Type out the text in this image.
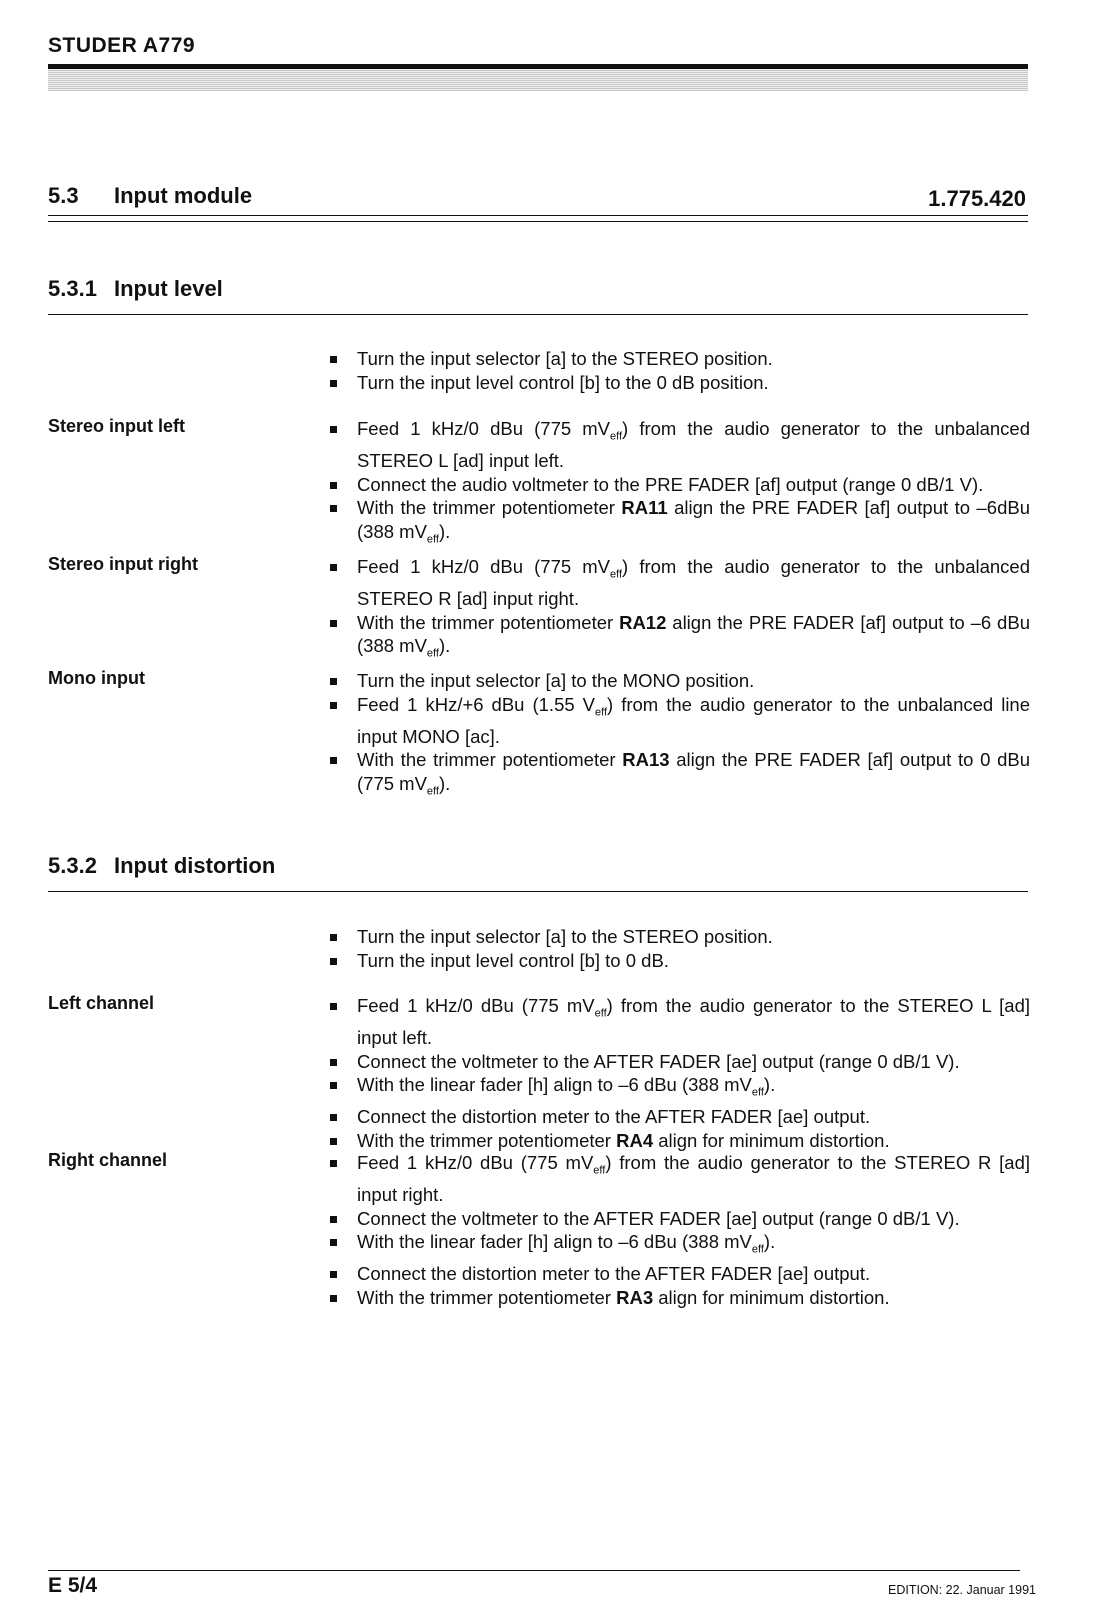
STUDER A779
5.3 Input module	1.775.420
5.3.1 Input level
Turn the input selector [a] to the STEREO position.
Turn the input level control [b] to the 0 dB position.
Stereo input left	Feed 1 kHz/0 dBu (775 $mV_{eff}$) from the audio generator to the unbalanced STEREO L [ad] input left.
Connect the audio voltmeter to the PRE FADER [af] output (range 0 dB/1 V).
With the trimmer potentiometer RA11 align the PRE FADER [af] output to –6dBu (388 $mV_{eff}$).
Stereo input right	Feed 1 kHz/0 dBu (775 $mV_{eff}$) from the audio generator to the unbalanced STEREO R [ad] input right.
With the trimmer potentiometer RA12 align the PRE FADER [af] output to –6 dBu (388 $mV_{eff}$).
Mono input	Turn the input selector [a] to the MONO position.
Feed 1 kHz/+6 dBu (1.55 $V_{eff}$) from the audio generator to the unbalanced line input MONO [ac].
With the trimmer potentiometer RA13 align the PRE FADER [af] output to 0 dBu (775 $mV_{eff}$).
5.3.2 Input distortion
Turn the input selector [a] to the STEREO position.
Turn the input level control [b] to 0 dB.
Left channel	Feed 1 kHz/0 dBu (775 $mV_{eff}$) from the audio generator to the STEREO L [ad] input left.
Connect the voltmeter to the AFTER FADER [ae] output (range 0 dB/1 V).
With the linear fader [h] align to –6 dBu (388 $mV_{eff}$).
Connect the distortion meter to the AFTER FADER [ae] output.
With the trimmer potentiometer RA4 align for minimum distortion.
Right channel	Feed 1 kHz/0 dBu (775 $mV_{eff}$) from the audio generator to the STEREO R [ad] input right.
Connect the voltmeter to the AFTER FADER [ae] output (range 0 dB/1 V).
With the linear fader [h] align to –6 dBu (388 $mV_{eff}$).
Connect the distortion meter to the AFTER FADER [ae] output.
With the trimmer potentiometer RA3 align for minimum distortion.
E 5/4	EDITION: 22. Januar 1991
